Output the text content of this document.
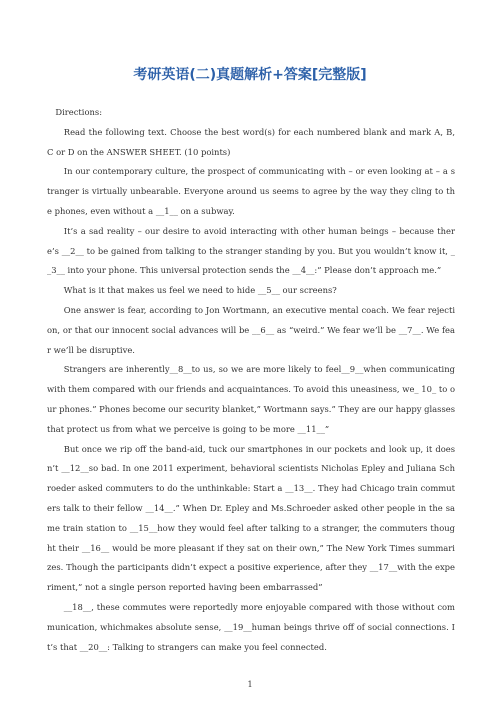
考研英语(二)真题解析+答案[完整版]

Directions:

Read the following text. Choose the best word(s) for each numbered blank and mark A, B, C or D on the ANSWER SHEET. (10 points)

In our contemporary culture, the prospect of communicating with – or even looking at – a stranger is virtually unbearable. Everyone around us seems to agree by the way they cling to the phones, even without a __1__ on a subway.

It’s a sad reality – our desire to avoid interacting with other human beings – because there’s __2__ to be gained from talking to the stranger standing by you. But you wouldn’t know it, __3__ into your phone. This universal protection sends the __4__:” Please don’t approach me.”

What is it that makes us feel we need to hide __5__ our screens?

One answer is fear, according to Jon Wortmann, an executive mental coach. We fear rejection, or that our innocent social advances will be __6__ as “weird.” We fear we’ll be __7__. We fear we’ll be disruptive.

Strangers are inherently__8__to us, so we are more likely to feel__9__when communicating with them compared with our friends and acquaintances. To avoid this uneasiness, we_ 10_ to our phones.” Phones become our security blanket,” Wortmann says.” They are our happy glasses that protect us from what we perceive is going to be more __11__”

But once we rip off the band-aid, tuck our smartphones in our pockets and look up, it doesn’t __12__so bad. In one 2011 experiment, behavioral scientists Nicholas Epley and Juliana Schroeder asked commuters to do the unthinkable: Start a __13__. They had Chicago train commuters talk to their fellow __14__.” When Dr. Epley and Ms.Schroeder asked other people in the same train station to __15__how they would feel after talking to a stranger, the commuters thought their __16__ would be more pleasant if they sat on their own,” The New York Times summarizes. Though the participants didn’t expect a positive experience, after they __17__with the experiment,” not a single person reported having been embarrassed”

__18__, these commutes were reportedly more enjoyable compared with those without communication, whichmakes absolute sense, __19__human beings thrive off of social connections. It’s that __20__: Talking to strangers can make you feel connected.

1
